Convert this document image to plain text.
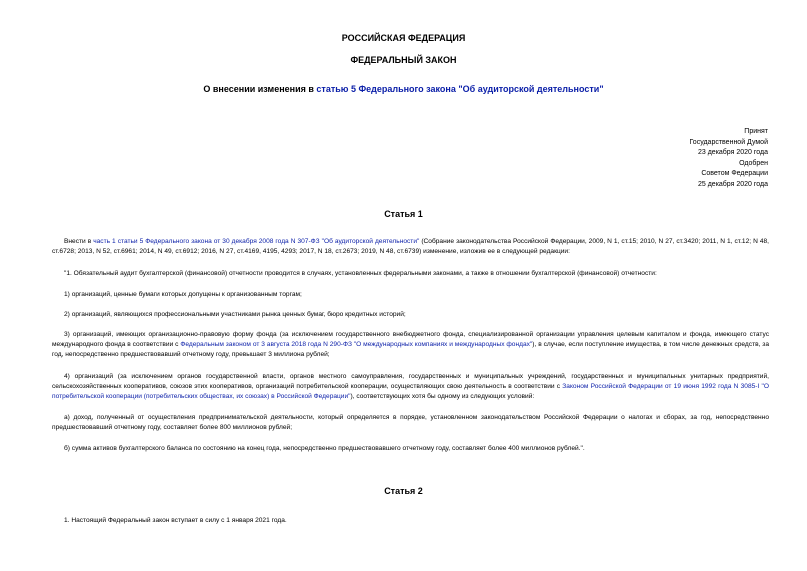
РОССИЙСКАЯ ФЕДЕРАЦИЯ
ФЕДЕРАЛЬНЫЙ ЗАКОН
О внесении изменения в статью 5 Федерального закона "Об аудиторской деятельности"
Принят
Государственной Думой
23 декабря 2020 года
Одобрен
Советом Федерации
25 декабря 2020 года
Статья 1
Внести в часть 1 статьи 5 Федерального закона от 30 декабря 2008 года N 307-ФЗ "Об аудиторской деятельности" (Собрание законодательства Российской Федерации, 2009, N 1, ст.15; 2010, N 27, ст.3420; 2011, N 1, ст.12; N 48, ст.6728; 2013, N 52, ст.6961; 2014, N 49, ст.6912; 2016, N 27, ст.4169, 4195, 4293; 2017, N 18, ст.2673; 2019, N 48, ст.6739) изменение, изложив ее в следующей редакции:
"1. Обязательный аудит бухгалтерской (финансовой) отчетности проводится в случаях, установленных федеральными законами, а также в отношении бухгалтерской (финансовой) отчетности:
1) организаций, ценные бумаги которых допущены к организованным торгам;
2) организаций, являющихся профессиональными участниками рынка ценных бумаг, бюро кредитных историй;
3) организаций, имеющих организационно-правовую форму фонда (за исключением государственного внебюджетного фонда, специализированной организации управления целевым капиталом и фонда, имеющего статус международного фонда в соответствии с Федеральным законом от 3 августа 2018 года N 290-ФЗ "О международных компаниях и международных фондах"), в случае, если поступление имущества, в том числе денежных средств, за год, непосредственно предшествовавший отчетному году, превышает 3 миллиона рублей;
4) организаций (за исключением органов государственной власти, органов местного самоуправления, государственных и муниципальных учреждений, государственных и муниципальных унитарных предприятий, сельскохозяйственных кооперативов, союзов этих кооперативов, организаций потребительской кооперации, осуществляющих свою деятельность в соответствии с Законом Российской Федерации от 19 июня 1992 года N 3085-I "О потребительской кооперации (потребительских обществах, их союзах) в Российской Федерации"), соответствующих хотя бы одному из следующих условий:
а) доход, полученный от осуществления предпринимательской деятельности, который определяется в порядке, установленном законодательством Российской Федерации о налогах и сборах, за год, непосредственно предшествовавший отчетному году, составляет более 800 миллионов рублей;
б) сумма активов бухгалтерского баланса по состоянию на конец года, непосредственно предшествовавшего отчетному году, составляет более 400 миллионов рублей.".
Статья 2
1. Настоящий Федеральный закон вступает в силу с 1 января 2021 года.
